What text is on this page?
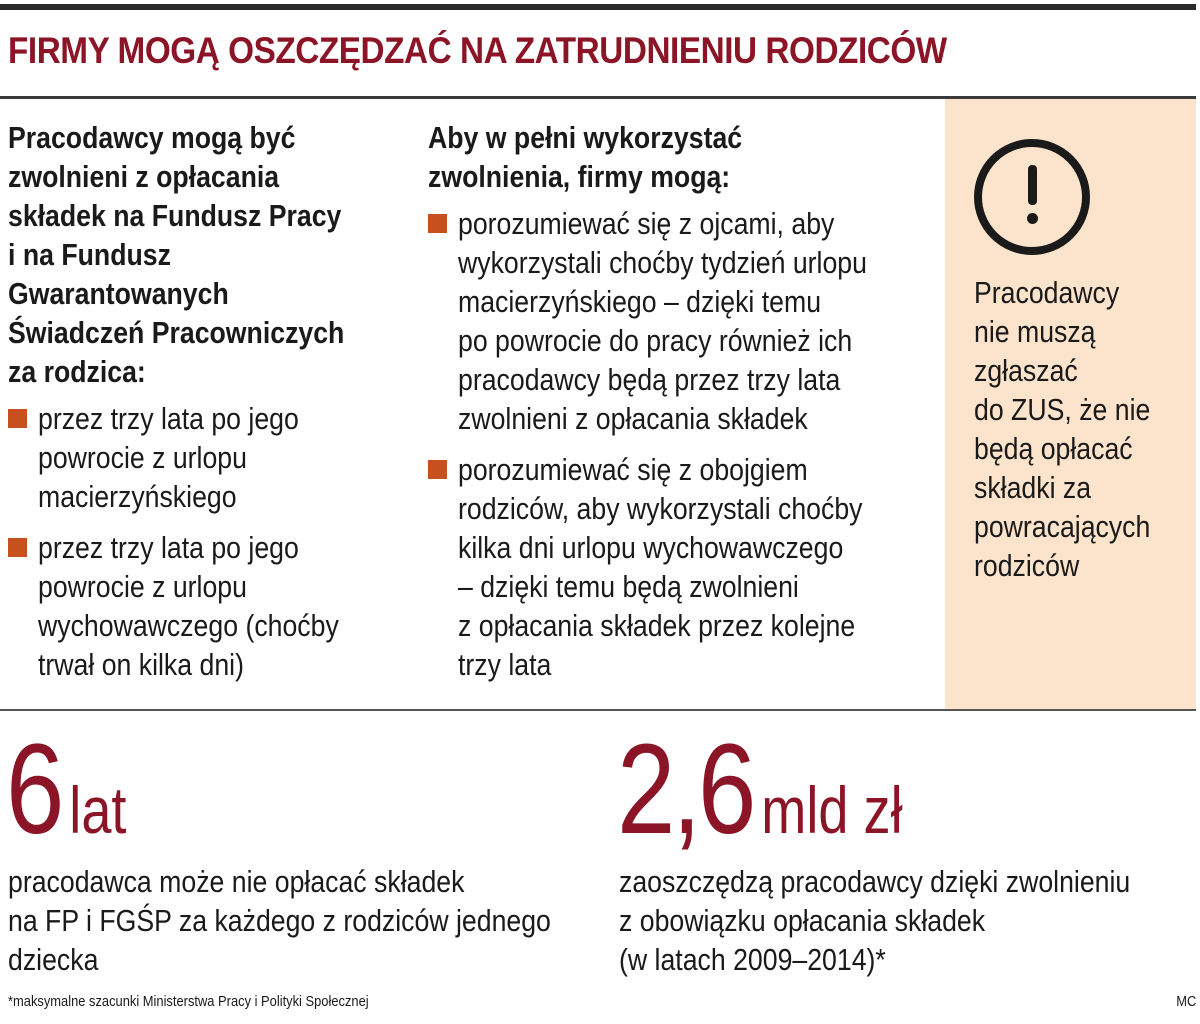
FIRMY MOGĄ OSZCZĘDZAĆ NA ZATRUDNIENIU RODZICÓW
Pracodawcy mogą być
zwolnieni z opłacania
składek na Fundusz Pracy
i na Fundusz
Gwarantowanych
Świadczeń Pracowniczych
za rodzica:
przez trzy lata po jego
powrocie z urlopu
macierzyńskiego
przez trzy lata po jego
powrocie z urlopu
wychowawczego (choćby
trwał on kilka dni)
Aby w pełni wykorzystać
zwolnienia, firmy mogą:
porozumiewać się z ojcami, aby
wykorzystali choćby tydzień urlopu
macierzyńskiego – dzięki temu
po powrocie do pracy również ich
pracodawcy będą przez trzy lata
zwolnieni z opłacania składek
porozumiewać się z obojgiem
rodziców, aby wykorzystali choćby
kilka dni urlopu wychowawczego
– dzięki temu będą zwolnieni
z opłacania składek przez kolejne
trzy lata
Pracodawcy
nie muszą
zgłaszać
do ZUS, że nie
będą opłacać
składki za
powracających
rodziców
6 lat
pracodawca może nie opłacać składek
na FP i FGŚP za każdego z rodziców jednego
dziecka
2,6 mld zł
zaoszczędzą pracodawcy dzięki zwolnieniu
z obowiązku opłacania składek
(w latach 2009–2014)*

*maksymalne szacunki Ministerstwa Pracy i Polityki Społecznej	MC
